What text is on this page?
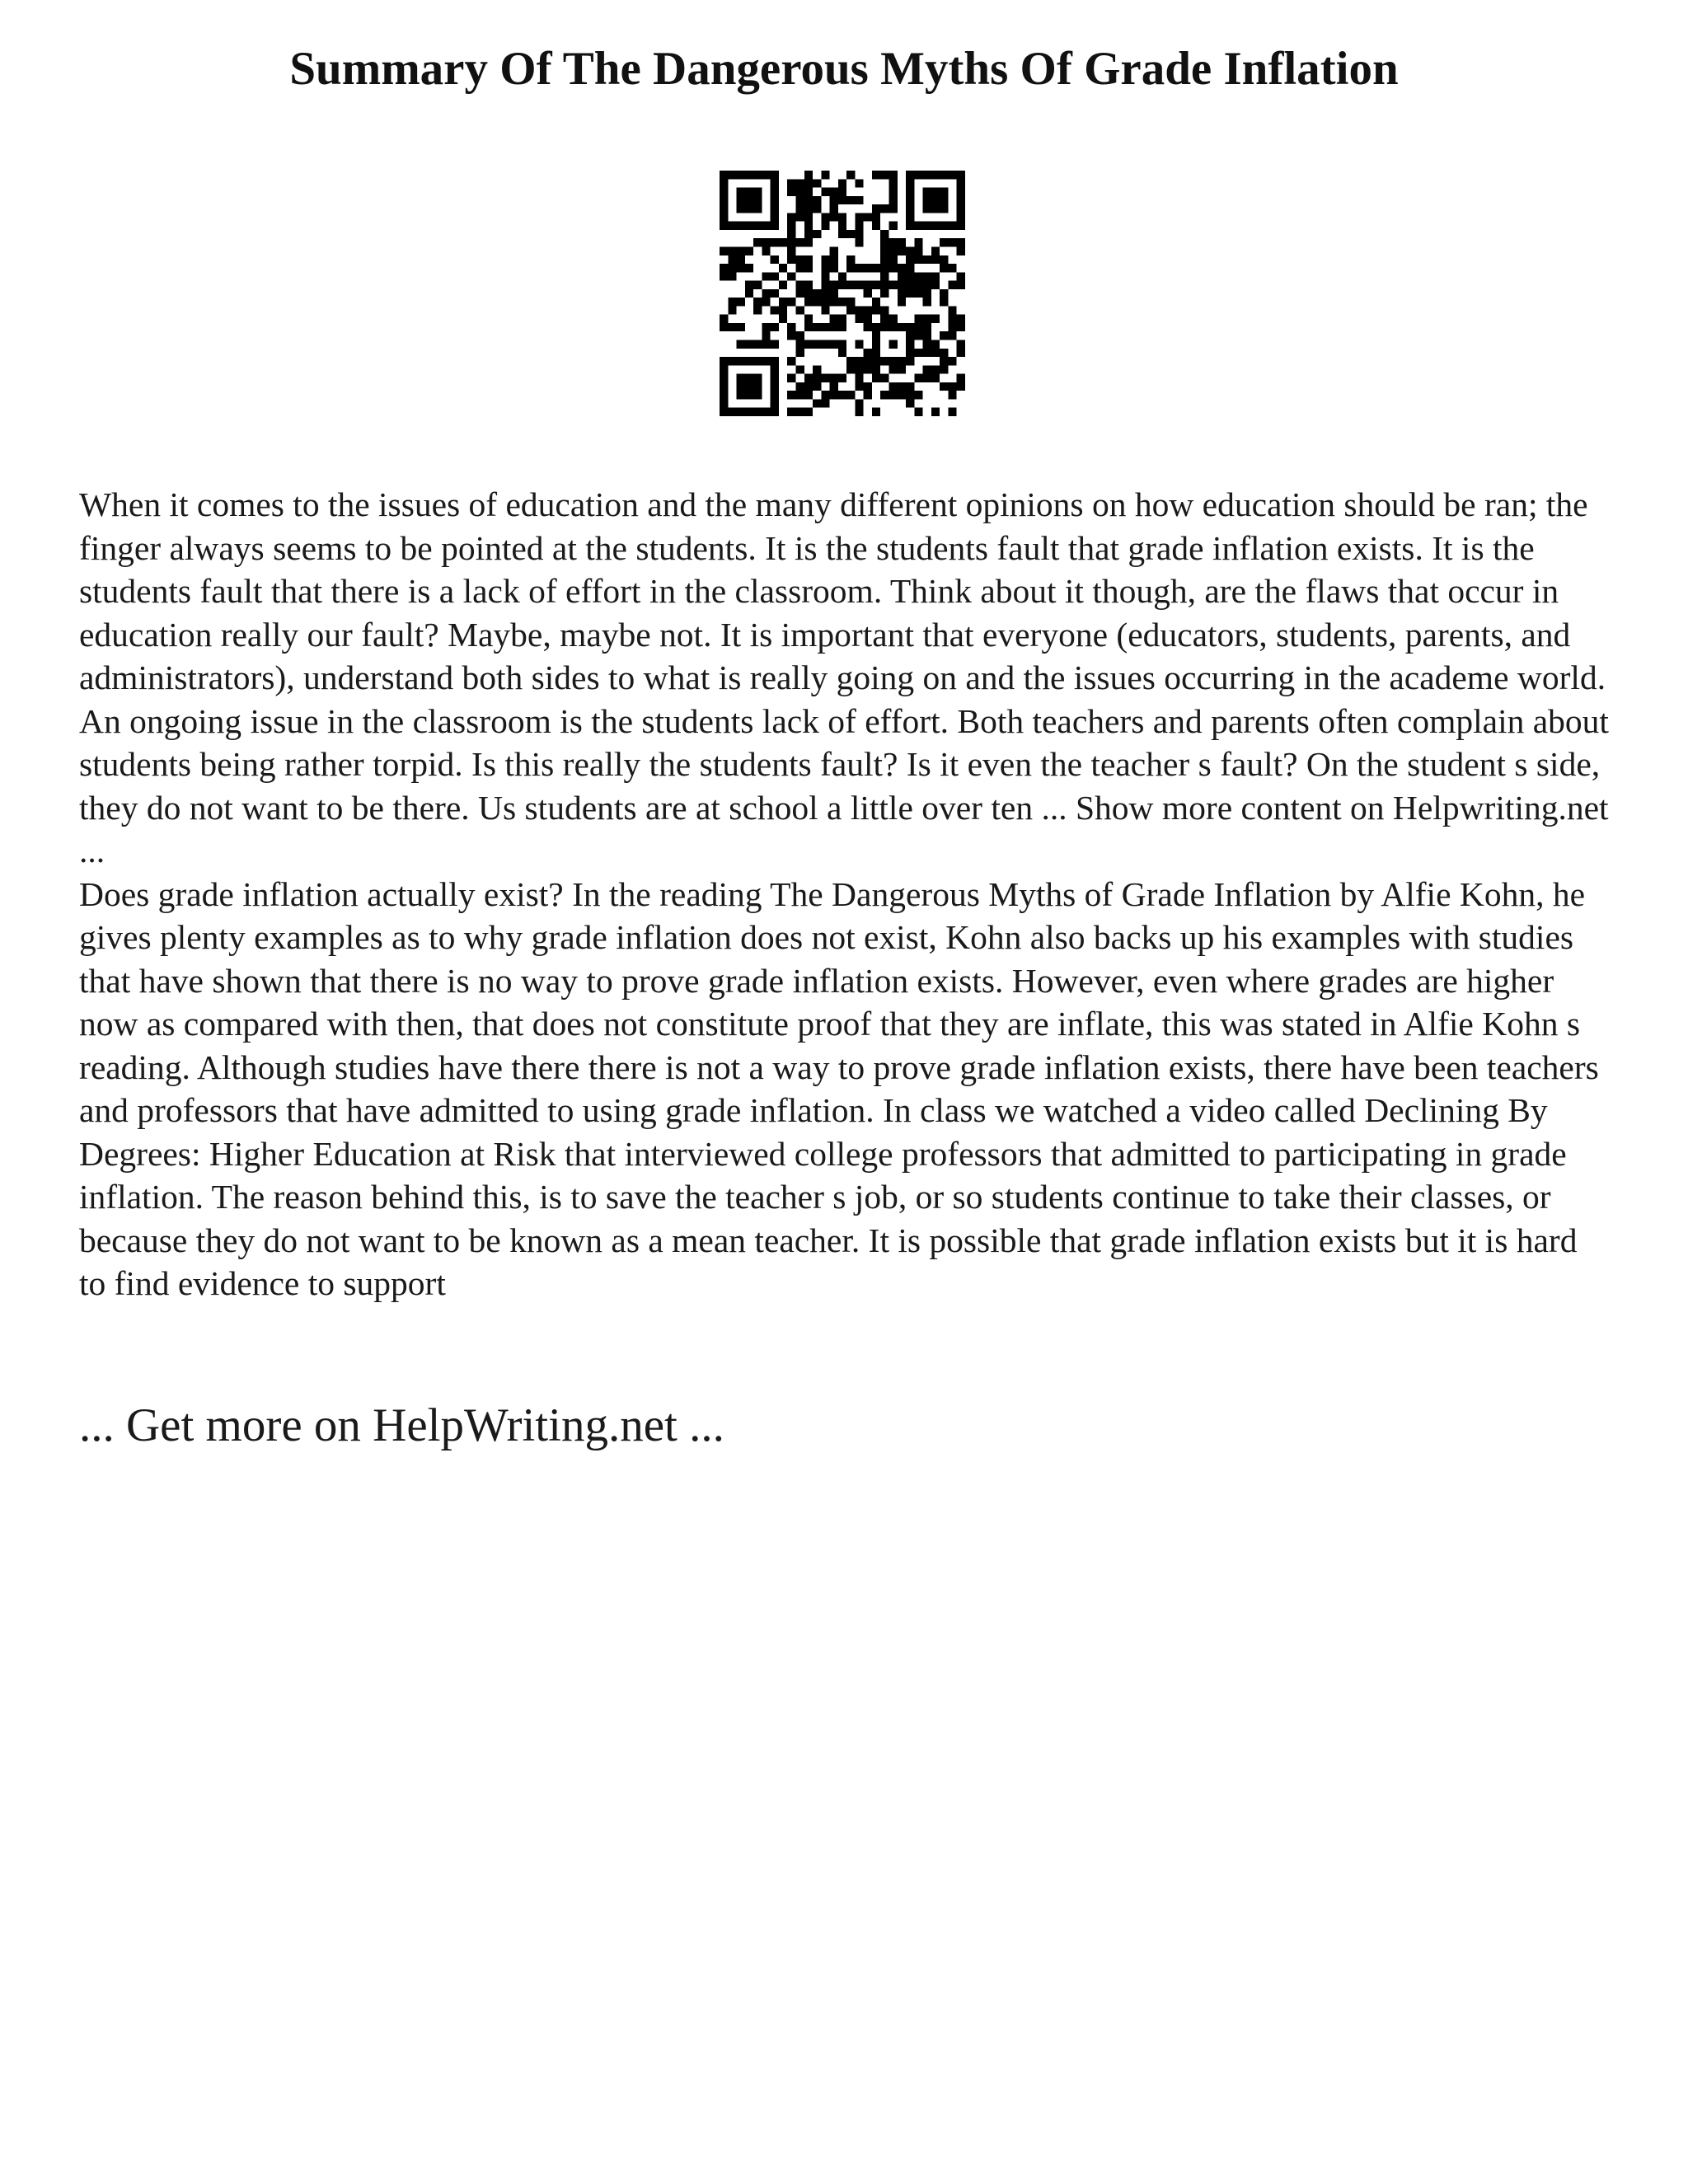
Summary Of The Dangerous Myths Of Grade Inflation

When it comes to the issues of education and the many different opinions on how education should be ran; the finger always seems to be pointed at the students. It is the students fault that grade inflation exists. It is the students fault that there is a lack of effort in the classroom. Think about it though, are the flaws that occur in education really our fault? Maybe, maybe not. It is important that everyone (educators, students, parents, and administrators), understand both sides to what is really going on and the issues occurring in the academe world. An ongoing issue in the classroom is the students lack of effort. Both teachers and parents often complain about students being rather torpid. Is this really the students fault? Is it even the teacher s fault? On the student s side, they do not want to be there. Us students are at school a little over ten ... Show more content on Helpwriting.net ...

Does grade inflation actually exist? In the reading The Dangerous Myths of Grade Inflation by Alfie Kohn, he gives plenty examples as to why grade inflation does not exist, Kohn also backs up his examples with studies that have shown that there is no way to prove grade inflation exists. However, even where grades are higher now as compared with then, that does not constitute proof that they are inflate, this was stated in Alfie Kohn s reading. Although studies have there there is not a way to prove grade inflation exists, there have been teachers and professors that have admitted to using grade inflation. In class we watched a video called Declining By Degrees: Higher Education at Risk that interviewed college professors that admitted to participating in grade inflation. The reason behind this, is to save the teacher s job, or so students continue to take their classes, or because they do not want to be known as a mean teacher. It is possible that grade inflation exists but it is hard to find evidence to support

... Get more on HelpWriting.net ...
